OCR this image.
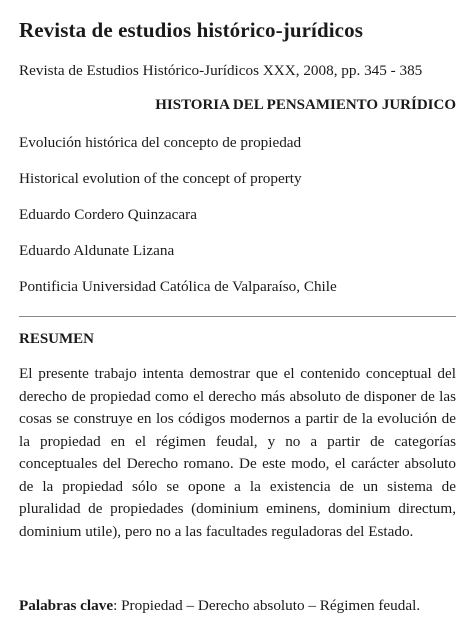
Revista de estudios histórico-jurídicos
Revista de Estudios Histórico-Jurídicos XXX, 2008, pp. 345 - 385
HISTORIA DEL PENSAMIENTO JURÍDICO
Evolución histórica del concepto de propiedad
Historical evolution of the concept of property
Eduardo Cordero Quinzacara
Eduardo Aldunate Lizana
Pontificia Universidad Católica de Valparaíso, Chile
RESUMEN
El presente trabajo intenta demostrar que el contenido conceptual del derecho de propiedad como el derecho más absoluto de disponer de las cosas se construye en los códigos modernos a partir de la evolución de la propiedad en el régimen feudal, y no a partir de categorías conceptuales del Derecho romano. De este modo, el carácter absoluto de la propiedad sólo se opone a la existencia de un sistema de pluralidad de propiedades (dominium eminens, dominium directum, dominium utile), pero no a las facultades reguladoras del Estado.
Palabras clave: Propiedad – Derecho absoluto – Régimen feudal.
